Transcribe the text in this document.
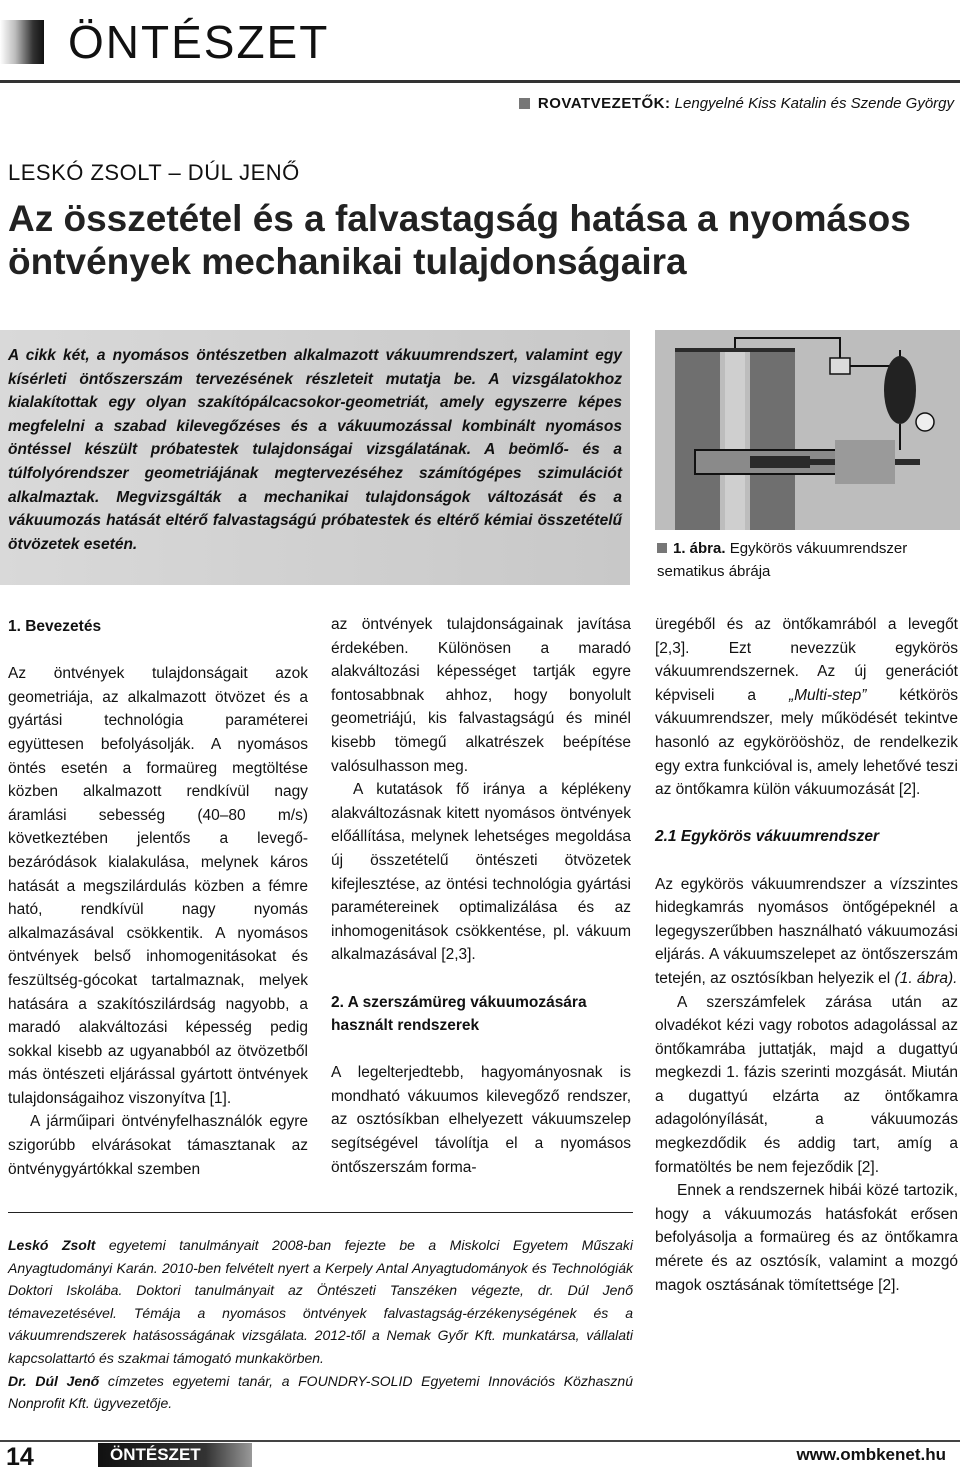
ÖNTÉSZET
ROVATVEZETŐK: Lengyelné Kiss Katalin és Szende György
LESKÓ ZSOLT – DÚL JENŐ
Az összetétel és a falvastagság hatása a nyomásos öntvények mechanikai tulajdonságaira

A cikk két, a nyomásos öntészetben alkalmazott vákuumrendszert, valamint egy kísérleti öntőszerszám tervezésének részleteit mutatja be. A vizsgálatokhoz kialakítottak egy olyan szakítópálcacsokor-geometriát, amely egyszerre képes megfelelni a szabad kilevegőzéses és a vákuumozással kombinált nyomásos öntéssel készült próbatestek tulajdonságai vizsgálatának. A beömlő- és a túlfolyórendszer geometriájának megtervezéséhez számítógépes szimulációt alkalmaztak. Megvizsgálták a mechanikai tulajdonságok változását és a vákuumozás hatását eltérő falvastagságú próbatestek és eltérő kémiai összetételű ötvözetek esetén.	1. ábra. Egykörös vákuumrendszer sematikus ábrája
1. Bevezetés

Az öntvények tulajdonságait azok geometriája, az alkalmazott ötvözet és a gyártási technológia paraméterei együttesen befolyásolják. A nyomásos öntés esetén a formaüreg megtöltése közben alkalmazott rendkívül nagy áramlási sebesség (40–80 m/s) következtében jelentős a levegő-bezáródások kialakulása, melynek káros hatását a megszilárdulás közben a fémre ható, rendkívül nagy nyomás alkalmazásával csökkentik. A nyomásos öntvények belső inhomogenitásokat és feszültség-gócokat tartalmaznak, melyek hatására a szakítószilárdság nagyobb, a maradó alakváltozási képesség pedig sokkal kisebb az ugyanabból az ötvözetből más öntészeti eljárással gyártott öntvények tulajdonságaihoz viszonyítva [1].

A járműipari öntvényfelhasználók egyre szigorúbb elvárásokat támasztanak az öntvénygyártókkal szemben

az öntvények tulajdonságainak javítása érdekében. Különösen a maradó alakváltozási képességet tartják egyre fontosabbnak ahhoz, hogy bonyolult geometriájú, kis falvastagságú és minél kisebb tömegű alkatrészek beépítése valósulhasson meg.

A kutatások fő iránya a képlékeny alakváltozásnak kitett nyomásos öntvények előállítása, melynek lehetséges megoldása új összetételű öntészeti ötvözetek kifejlesztése, az öntési technológia gyártási paramétereinek optimalizálása és az inhomogenitások csökkentése, pl. vákuum alkalmazásával [2,3].

2. A szerszámüreg vákuumozására használt rendszerek

A legelterjedtebb, hagyományosnak is mondható vákuumos kilevegőző rendszer, az osztósíkban elhelyezett vákuumszelep segítségével távolítja el a nyomásos öntőszerszám forma-

üregéből és az öntőkamrából a levegőt [2,3]. Ezt nevezzük egykörös vákuumrendszernek. Az új generációt képviseli a „Multi-step” kétkörös vákuumrendszer, mely működését tekintve hasonló az egykörööshöz, de rendelkezik egy extra funkcióval is, amely lehetővé teszi az öntőkamra külön vákuumozását [2].

2.1 Egykörös vákuumrendszer

Az egykörös vákuumrendszer a vízszintes hidegkamrás nyomásos öntőgépeknél a legegyszerűbben használható vákuumozási eljárás. A vákuumszelepet az öntőszerszám tetején, az osztósíkban helyezik el (1. ábra).

A szerszámfelek zárása után az olvadékot kézi vagy robotos adagolással az öntőkamrába juttatják, majd a dugattyú megkezdi 1. fázis szerinti mozgását. Miután a dugattyú elzárta az öntőkamra adagolónyílását, a vákuumozás megkezdődik és addig tart, amíg a formatöltés be nem fejeződik [2].

Ennek a rendszernek hibái közé tartozik, hogy a vákuumozás hatásfokát erősen befolyásolja a formaüreg és az öntőkamra mérete és az osztósík, valamint a mozgó magok osztásának tömítettsége [2].

Leskó Zsolt egyetemi tanulmányait 2008-ban fejezte be a Miskolci Egyetem Műszaki Anyagtudományi Karán. 2010-ben felvételt nyert a Kerpely Antal Anyagtudományok és Technológiák Doktori Iskolába. Doktori tanulmányait az Öntészeti Tanszéken végezte, dr. Dúl Jenő témavezetésével. Témája a nyomásos öntvények falvastagság-érzékenységének és a vákuumrendszerek hatásosságának vizsgálata. 2012-től a Nemak Győr Kft. munkatársa, vállalati kapcsolattartó és szakmai támogató munkakörben.
Dr. Dúl Jenő címzetes egyetemi tanár, a FOUNDRY-SOLID Egyetemi Innovációs Közhasznú Nonprofit Kft. ügyvezetője.
14	ÖNTÉSZET	www.ombkenet.hu
